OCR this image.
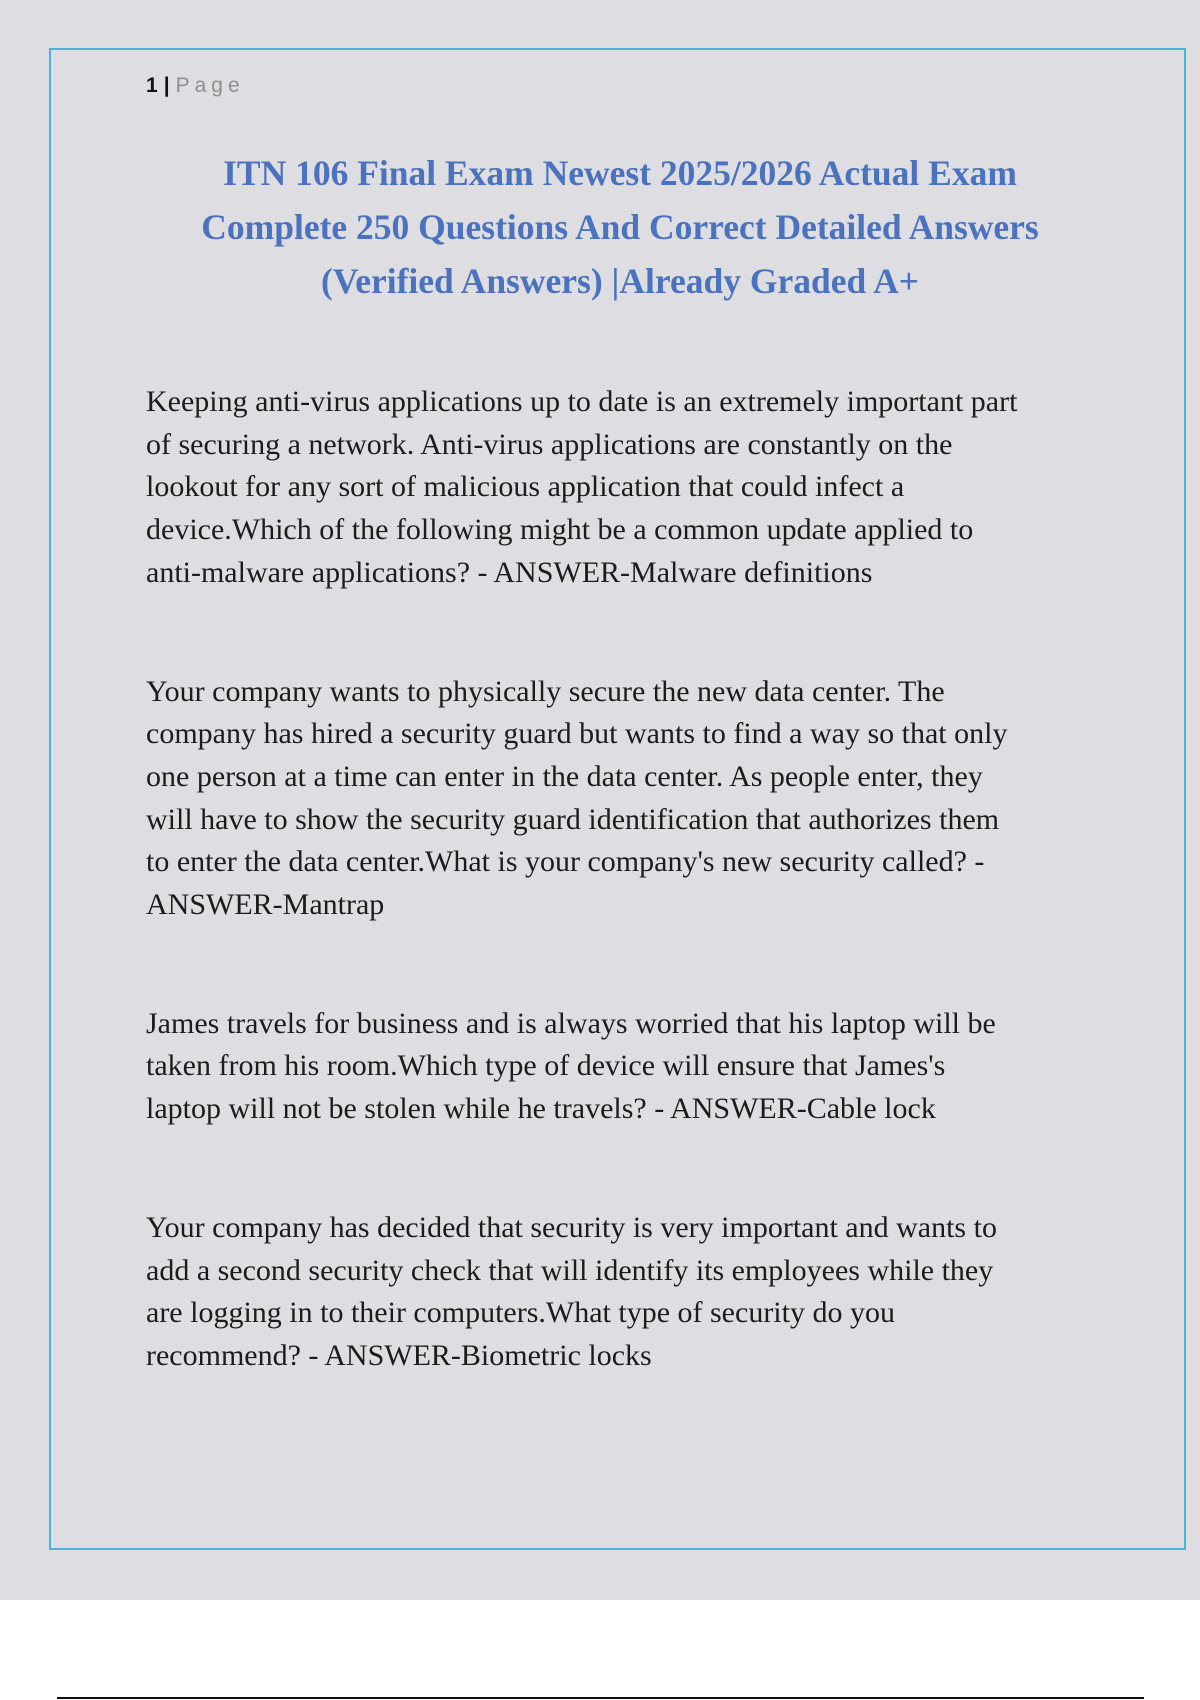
1 | Page
ITN 106 Final Exam Newest 2025/2026 Actual Exam
Complete 250 Questions And Correct Detailed Answers
(Verified Answers) |Already Graded A+

Keeping anti-virus applications up to date is an extremely important part
of securing a network. Anti-virus applications are constantly on the
lookout for any sort of malicious application that could infect a
device.Which of the following might be a common update applied to
anti-malware applications? - ANSWER-Malware definitions

Your company wants to physically secure the new data center. The
company has hired a security guard but wants to find a way so that only
one person at a time can enter in the data center. As people enter, they
will have to show the security guard identification that authorizes them
to enter the data center.What is your company's new security called? -
ANSWER-Mantrap

James travels for business and is always worried that his laptop will be
taken from his room.Which type of device will ensure that James's
laptop will not be stolen while he travels? - ANSWER-Cable lock

Your company has decided that security is very important and wants to
add a second security check that will identify its employees while they
are logging in to their computers.What type of security do you
recommend? - ANSWER-Biometric locks
